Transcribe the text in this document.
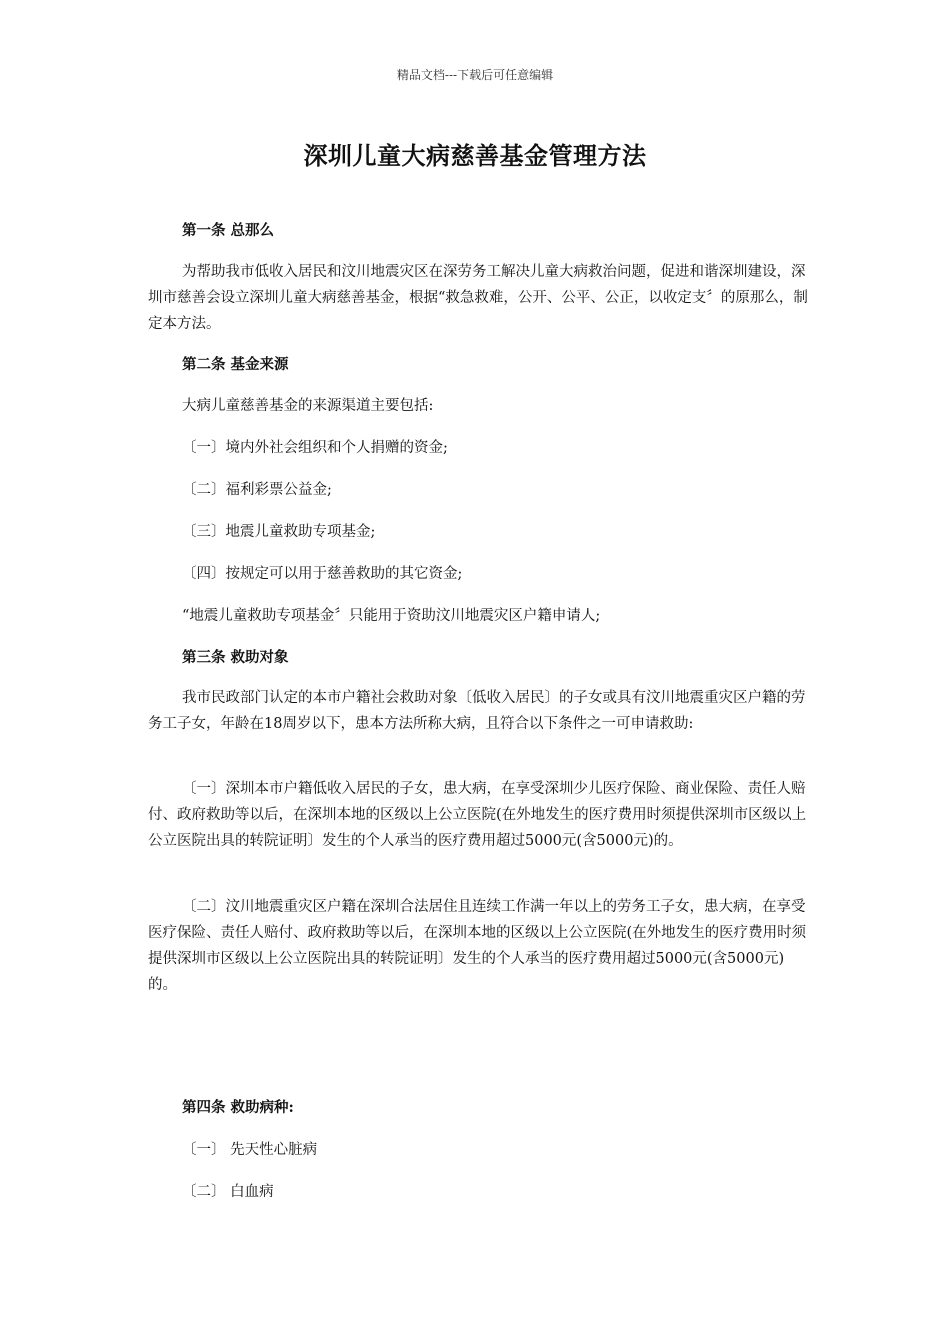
精品文档---下载后可任意编辑
深圳儿童大病慈善基金管理方法
第一条 总那么
为帮助我市低收入居民和汶川地震灾区在深劳务工解决儿童大病救治问题，促进和谐深圳建设，深圳市慈善会设立深圳儿童大病慈善基金，根据“救急救难，公开、公平、公正，以收定支〞的原那么，制定本方法。
第二条 基金来源
大病儿童慈善基金的来源渠道主要包括:
〔一〕境内外社会组织和个人捐赠的资金;
〔二〕福利彩票公益金;
〔三〕地震儿童救助专项基金;
〔四〕按规定可以用于慈善救助的其它资金;
“地震儿童救助专项基金〞只能用于资助汶川地震灾区户籍申请人;
第三条 救助对象
我市民政部门认定的本市户籍社会救助对象〔低收入居民〕的子女或具有汶川地震重灾区户籍的劳务工子女，年龄在18周岁以下，患本方法所称大病，且符合以下条件之一可申请救助:
〔一〕深圳本市户籍低收入居民的子女，患大病，在享受深圳少儿医疗保险、商业保险、责任人赔付、政府救助等以后，在深圳本地的区级以上公立医院(在外地发生的医疗费用时须提供深圳市区级以上公立医院出具的转院证明〕发生的个人承当的医疗费用超过5000元(含5000元)的。
〔二〕汶川地震重灾区户籍在深圳合法居住且连续工作满一年以上的劳务工子女，患大病，在享受医疗保险、责任人赔付、政府救助等以后，在深圳本地的区级以上公立医院(在外地发生的医疗费用时须提供深圳市区级以上公立医院出具的转院证明〕发生的个人承当的医疗费用超过5000元(含5000元)的。
第四条 救助病种:
〔一〕 先天性心脏病
〔二〕 白血病
